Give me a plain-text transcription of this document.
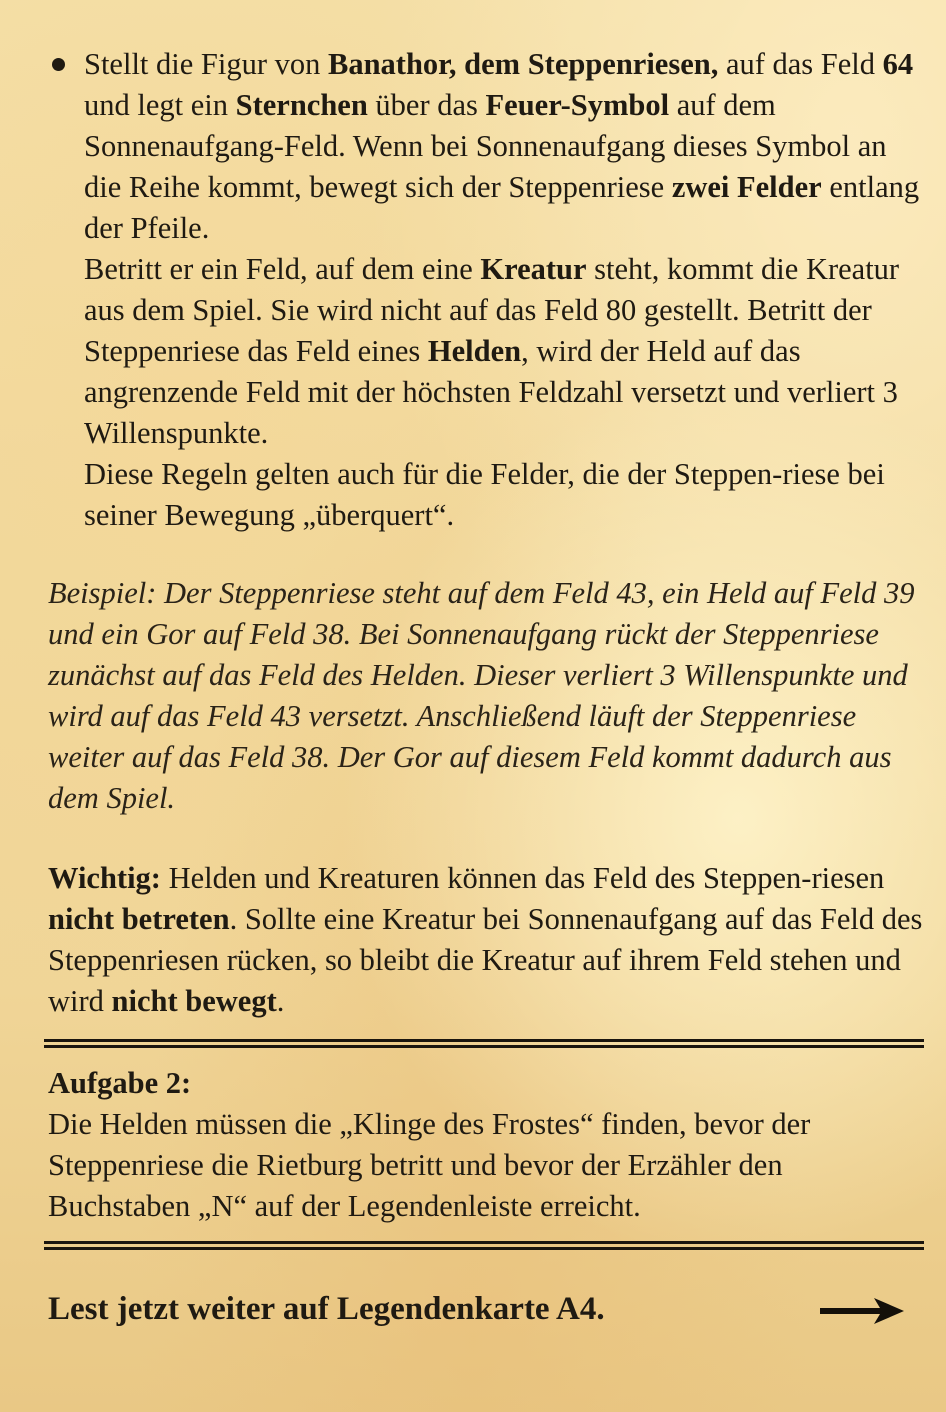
Stellt die Figur von Banathor, dem Steppenriesen, auf das Feld 64 und legt ein Sternchen über das Feuer-Symbol auf dem Sonnenaufgang-Feld. Wenn bei Sonnenaufgang dieses Symbol an die Reihe kommt, bewegt sich der Steppenriese zwei Felder entlang der Pfeile.

Betritt er ein Feld, auf dem eine Kreatur steht, kommt die Kreatur aus dem Spiel. Sie wird nicht auf das Feld 80 gestellt. Betritt der Steppenriese das Feld eines Helden, wird der Held auf das angrenzende Feld mit der höchsten Feldzahl versetzt und verliert 3 Willenspunkte.

Diese Regeln gelten auch für die Felder, die der Steppen-riese bei seiner Bewegung „überquert“.

Beispiel: Der Steppenriese steht auf dem Feld 43, ein Held auf Feld 39 und ein Gor auf Feld 38. Bei Sonnenaufgang rückt der Steppenriese zunächst auf das Feld des Helden. Dieser verliert 3 Willenspunkte und wird auf das Feld 43 versetzt. Anschließend läuft der Steppenriese weiter auf das Feld 38. Der Gor auf diesem Feld kommt dadurch aus dem Spiel.

Wichtig: Helden und Kreaturen können das Feld des Steppen-riesen nicht betreten. Sollte eine Kreatur bei Sonnenaufgang auf das Feld des Steppenriesen rücken, so bleibt die Kreatur auf ihrem Feld stehen und wird nicht bewegt.

Aufgabe 2:
Die Helden müssen die „Klinge des Frostes“ finden, bevor der Steppenriese die Rietburg betritt und bevor der Erzähler den Buchstaben „N“ auf der Legendenleiste erreicht.

Lest jetzt weiter auf Legendenkarte A4.
